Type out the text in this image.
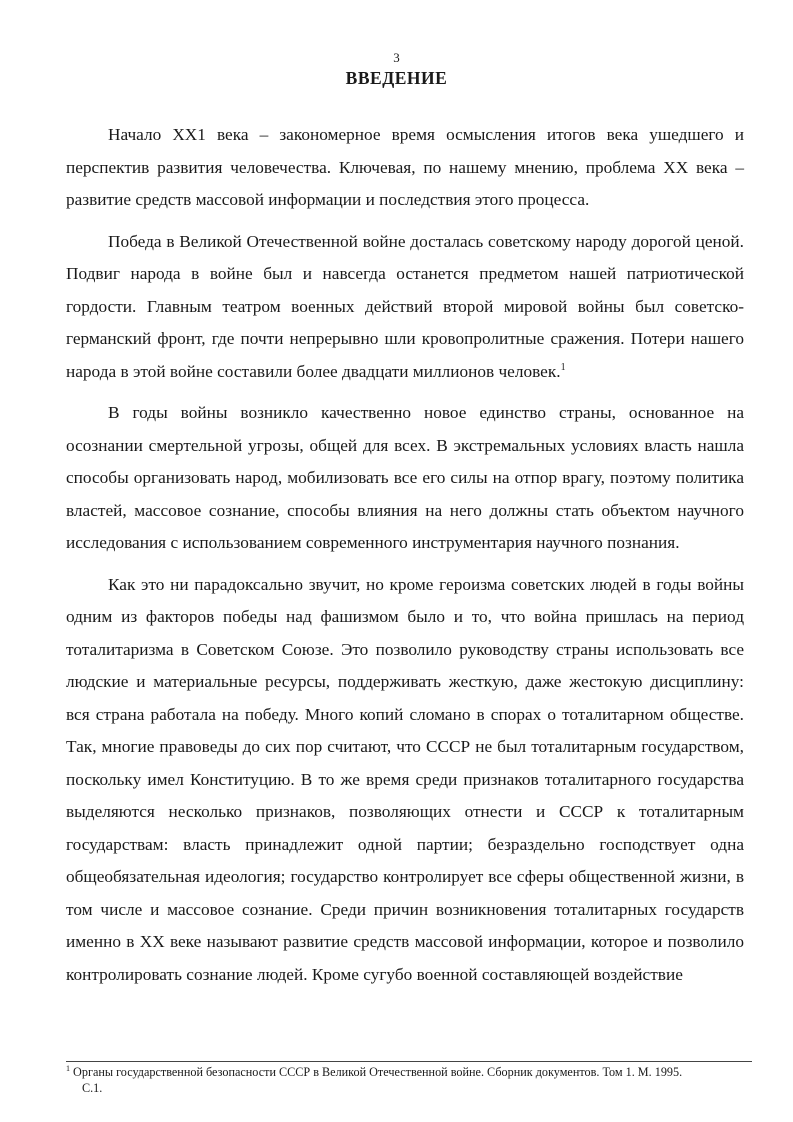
3
ВВЕДЕНИЕ

Начало ХХ1 века – закономерное время осмысления итогов века ушедшего и перспектив развития человечества. Ключевая, по нашему мнению, проблема ХХ века – развитие средств массовой информации и последствия этого процесса.

Победа в Великой Отечественной войне досталась советскому народу дорогой ценой. Подвиг народа в войне был и навсегда останется предметом нашей патриотической гордости. Главным театром военных действий второй мировой войны был советско-германский фронт, где почти непрерывно шли кровопролитные сражения. Потери нашего народа в этой войне составили более двадцати миллионов человек.$^1$

В годы войны возникло качественно новое единство страны, основанное на осознании смертельной угрозы, общей для всех. В экстремальных условиях власть нашла способы организовать народ, мобилизовать все его силы на отпор врагу, поэтому политика властей, массовое сознание, способы влияния на него должны стать объектом научного исследования с использованием современного инструментария научного познания.

Как это ни парадоксально звучит, но кроме героизма советских людей в годы войны одним из факторов победы над фашизмом было и то, что война пришлась на период тоталитаризма в Советском Союзе. Это позволило руководству страны использовать все людские и материальные ресурсы, поддерживать жесткую, даже жестокую дисциплину: вся страна работала на победу. Много копий сломано в спорах о тоталитарном обществе. Так, многие правоведы до сих пор считают, что СССР не был тоталитарным государством, поскольку имел Конституцию. В то же время среди признаков тоталитарного государства выделяются несколько признаков, позволяющих отнести и СССР к тоталитарным государствам: власть принадлежит одной партии; безраздельно господствует одна общеобязательная идеология; государство контролирует все сферы общественной жизни, в том числе и массовое сознание. Среди причин возникновения тоталитарных государств именно в ХХ веке называют развитие средств массовой информации, которое и позволило контролировать сознание людей. Кроме сугубо военной составляющей воздействие

$^1$ Органы государственной безопасности СССР в Великой Отечественной войне. Сборник документов. Том 1. М. 1995.
С.1.
